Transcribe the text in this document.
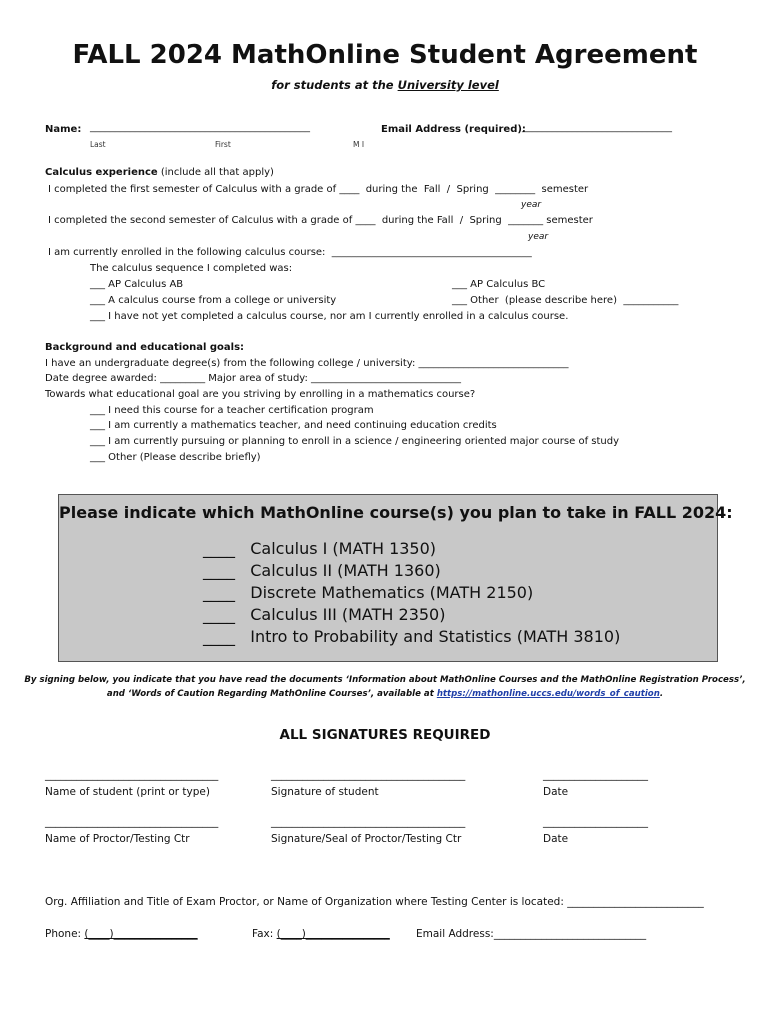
FALL 2024 MathOnline Student Agreement
for students at the University level
Name: ____________________________________________	Email Address (required):
______________________________
Last	First	M I
Calculus experience (include all that apply)
I completed the first semester of Calculus with a grade of ____  during the  Fall  /  Spring  ________  semester
year
I completed the second semester of Calculus with a grade of ____  during the Fall  /  Spring  _______ semester
year
I am currently enrolled in the following calculus course:  ________________________________________
The calculus sequence I completed was:
___ AP Calculus AB	___ AP Calculus BC
___ A calculus course from a college or university	___ Other  (please describe here)  ___________
___ I have not yet completed a calculus course, nor am I currently enrolled in a calculus course.
Background and educational goals:
I have an undergraduate degree(s) from the following college / university: ______________________________
Date degree awarded: _________ Major area of study: ______________________________
Towards what educational goal are you striving by enrolling in a mathematics course?
___ I need this course for a teacher certification program
___ I am currently a mathematics teacher, and need continuing education credits
___ I am currently pursuing or planning to enroll in a science / engineering oriented major course of study
___ Other (Please describe briefly)
Please indicate which MathOnline course(s) you plan to take in FALL 2024:
____   Calculus I (MATH 1350)
____   Calculus II (MATH 1360)
____   Discrete Mathematics (MATH 2150)
____   Calculus III (MATH 2350)
____   Intro to Probability and Statistics (MATH 3810)
By signing below, you indicate that you have read the documents ‘Information about MathOnline Courses and the MathOnline Registration Process’,
and ‘Words of Caution Regarding MathOnline Courses’, available at https://mathonline.uccs.edu/words_of_caution.
ALL SIGNATURES REQUIRED
_________________________________	_____________________________________	____________________
Name of student (print or type)	Signature of student	Date
_________________________________	_____________________________________	____________________
Name of Proctor/Testing Ctr	Signature/Seal of Proctor/Testing Ctr	Date
Org. Affiliation and Title of Exam Proctor, or Name of Organization where Testing Center is located: __________________________
Phone: (____)________________	Fax: (____)________________ Email Address:_____________________________
